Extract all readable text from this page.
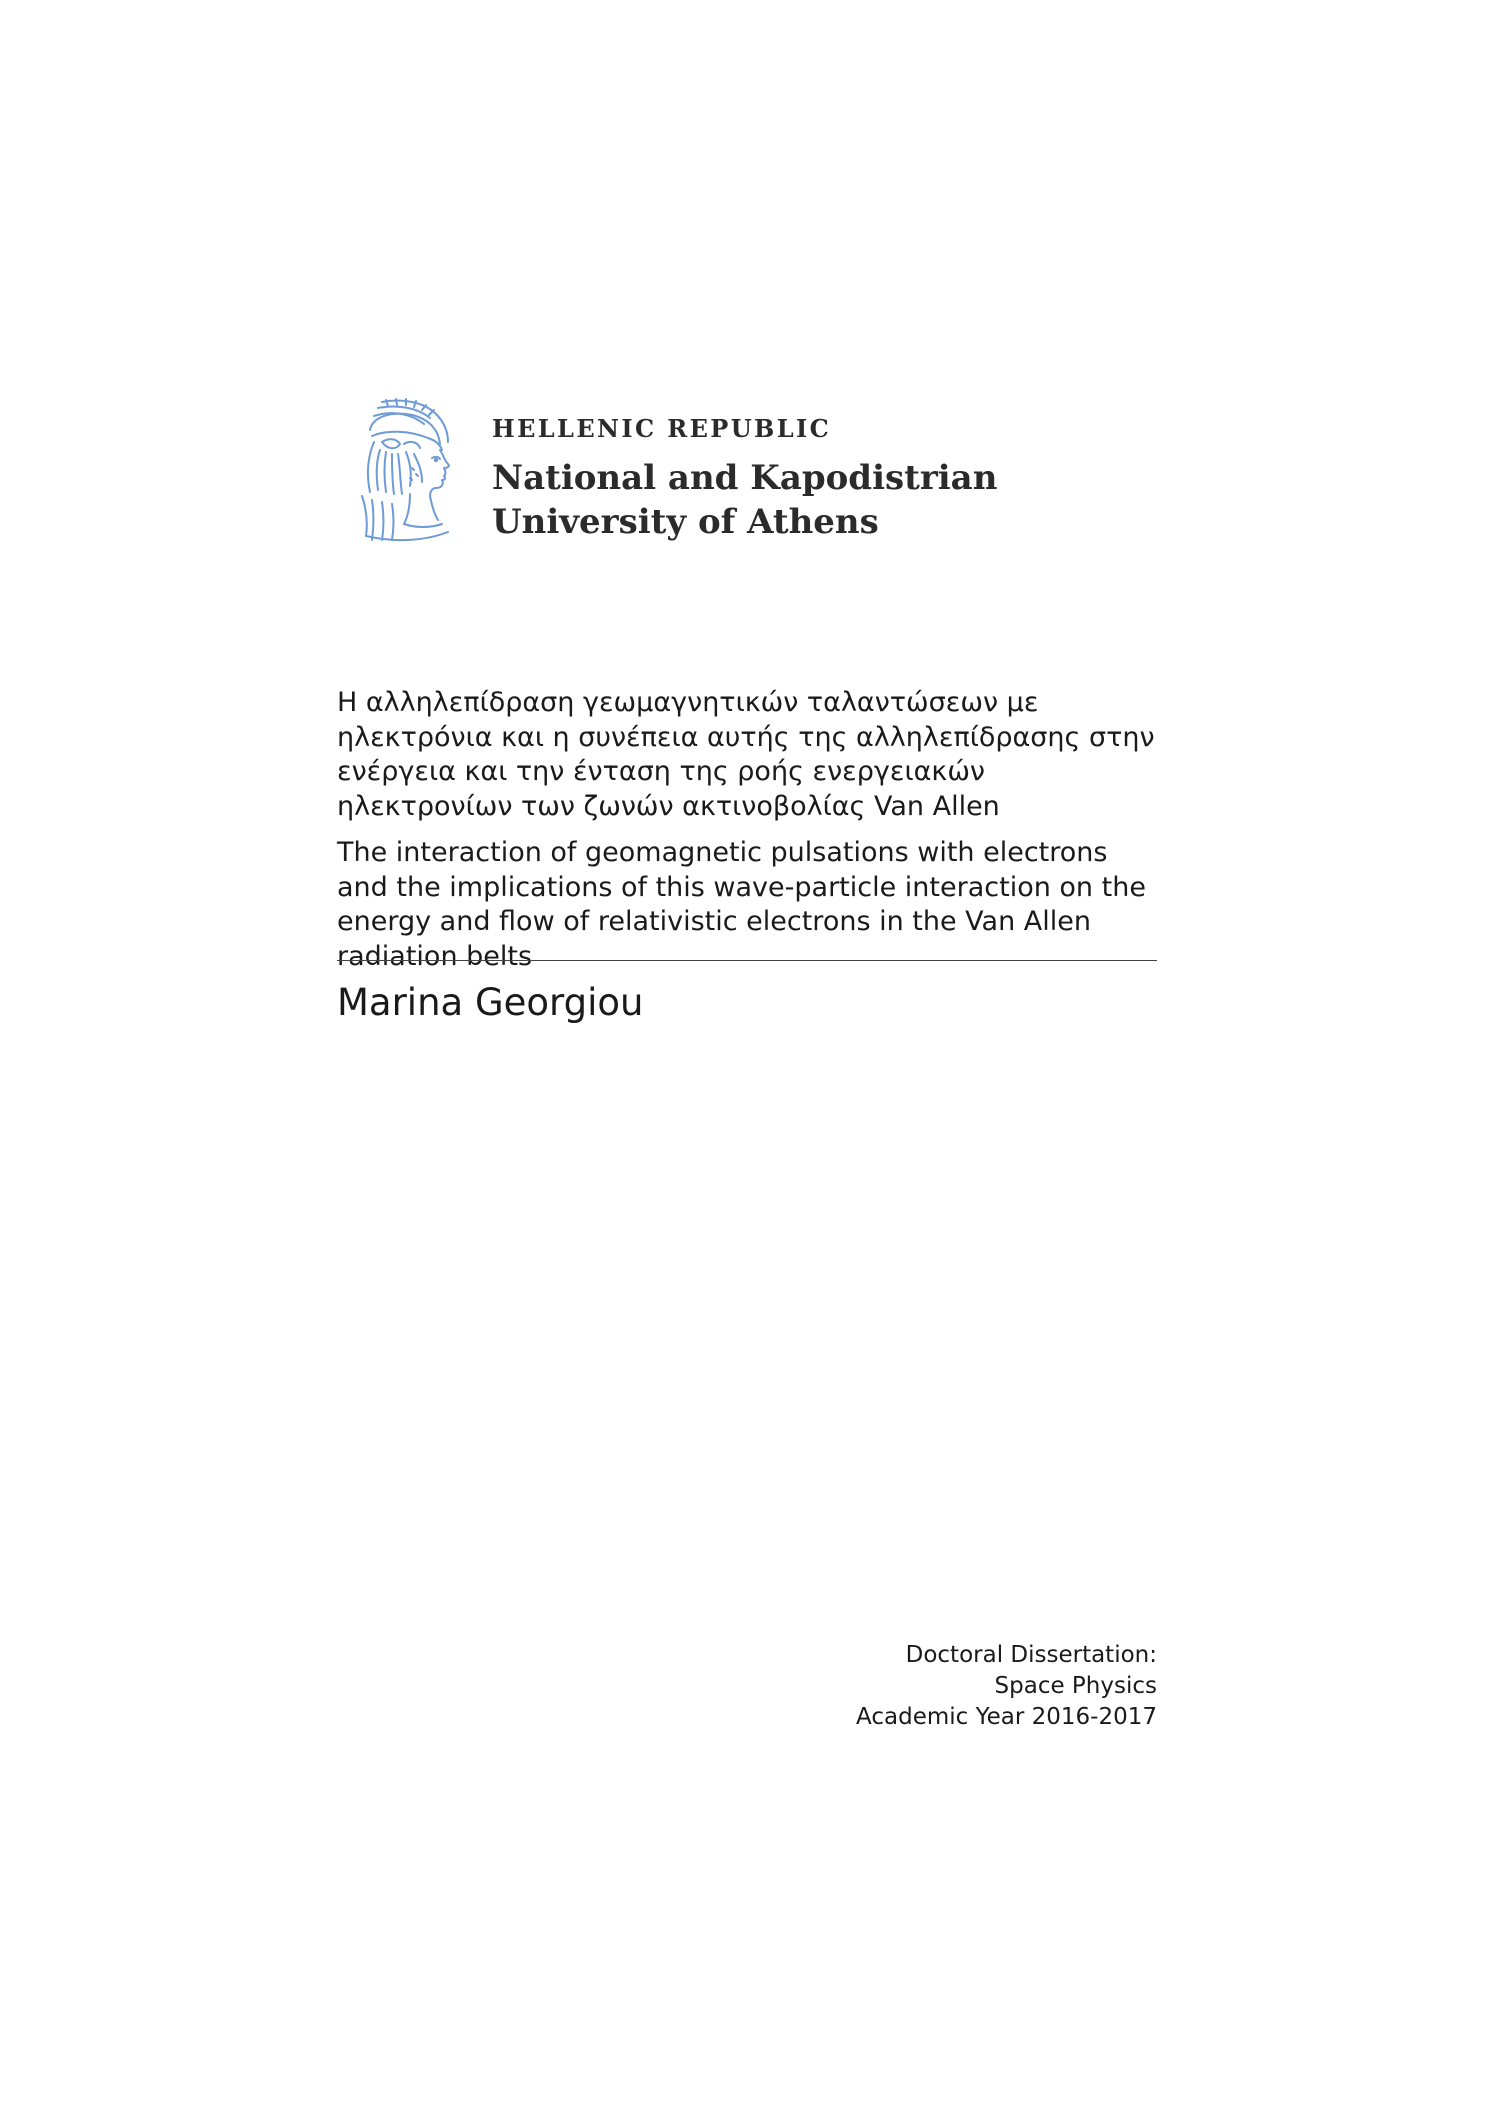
HELLENIC REPUBLIC
National and Kapodistrian
University of Athens

Η αλληλεπίδραση γεωμαγνητικών ταλαντώσεων με ηλεκτρόνια και η συνέπεια αυτής της αλληλεπίδρασης στην ενέργεια και την ένταση της ροής ενεργειακών ηλεκτρονίων των ζωνών ακτινοβολίας Van Allen

The interaction of geomagnetic pulsations with electrons and the implications of this wave-particle interaction on the energy and flow of relativistic electrons in the Van Allen radiation belts

Marina Georgiou
Doctoral Dissertation:
Space Physics
Academic Year 2016-2017
